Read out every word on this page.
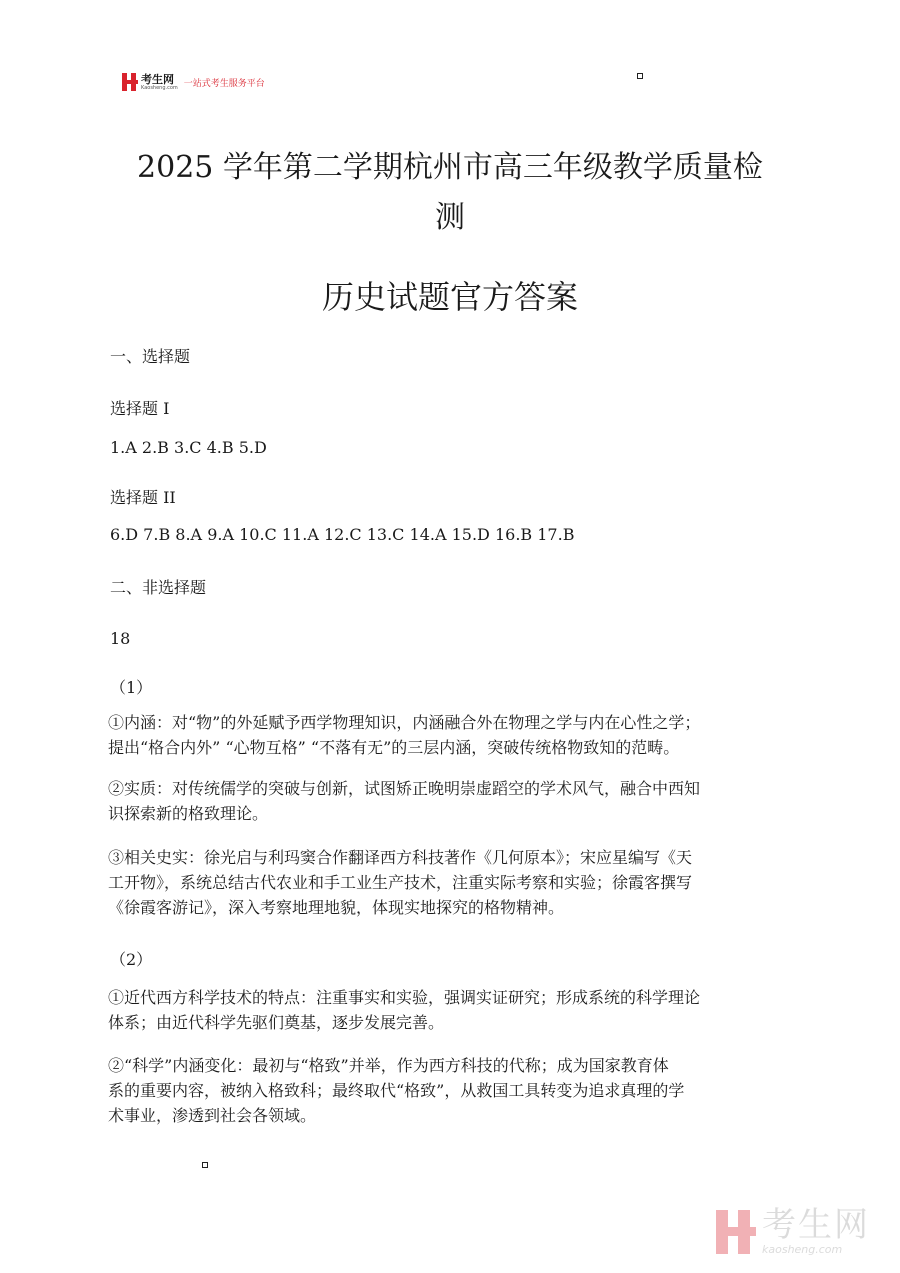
考生网
Kaosheng.com 一站式考生服务平台
2025 学年第二学期杭州市高三年级教学质量检
测
历史试题官方答案
一、选择题
选择题 I
1.A 2.B 3.C 4.B 5.D
选择题 II
6.D 7.B 8.A 9.A 10.C 11.A 12.C 13.C 14.A 15.D 16.B 17.B
二、非选择题
18
（1）
①内涵：对“物”的外延赋予西学物理知识，内涵融合外在物理之学与内在心性之学；
提出“格合内外” “心物互格” “不落有无”的三层内涵，突破传统格物致知的范畴。
②实质：对传统儒学的突破与创新，试图矫正晚明崇虚蹈空的学术风气，融合中西知
识探索新的格致理论。
③相关史实：徐光启与利玛窦合作翻译西方科技著作《几何原本》；宋应星编写《天
工开物》，系统总结古代农业和手工业生产技术，注重实际考察和实验；徐霞客撰写
《徐霞客游记》，深入考察地理地貌，体现实地探究的格物精神。
（2）
①近代西方科学技术的特点：注重事实和实验，强调实证研究；形成系统的科学理论
体系；由近代科学先驱们奠基，逐步发展完善。
②“科学”内涵变化：最初与“格致”并举，作为西方科技的代称；成为国家教育体
系的重要内容，被纳入格致科；最终取代“格致”，从救国工具转变为追求真理的学
术事业，渗透到社会各领域。
考生网
kaosheng.com
